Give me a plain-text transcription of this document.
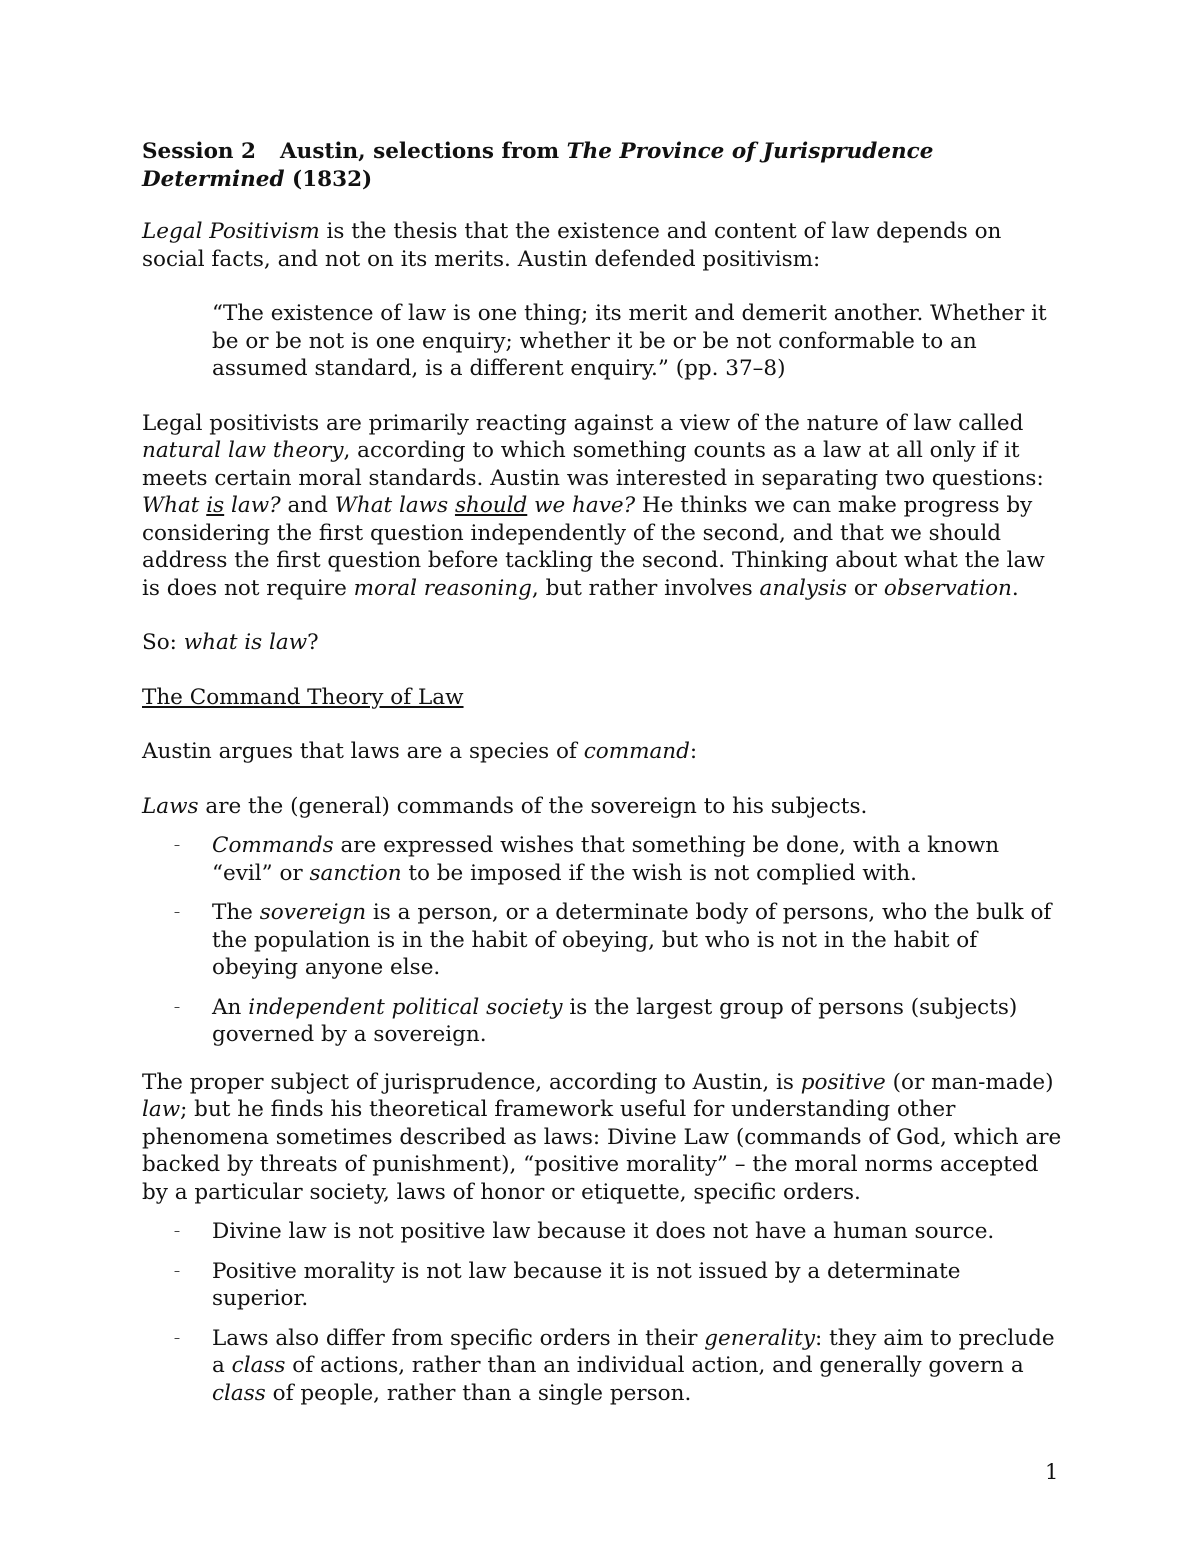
Session 2 Austin, selections from The Province of Jurisprudence Determined (1832)

Legal Positivism is the thesis that the existence and content of law depends on social facts, and not on its merits. Austin defended positivism:

“The existence of law is one thing; its merit and demerit another. Whether it be or be not is one enquiry; whether it be or be not conformable to an assumed standard, is a different enquiry.” (pp. 37–8)

Legal positivists are primarily reacting against a view of the nature of law called natural law theory, according to which something counts as a law at all only if it meets certain moral standards. Austin was interested in separating two questions: What is law? and What laws should we have? He thinks we can make progress by considering the first question independently of the second, and that we should address the first question before tackling the second. Thinking about what the law is does not require moral reasoning, but rather involves analysis or observation.

So: what is law?

The Command Theory of Law

Austin argues that laws are a species of command:

Laws are the (general) commands of the sovereign to his subjects.

– Commands are expressed wishes that something be done, with a known “evil” or sanction to be imposed if the wish is not complied with.
– The sovereign is a person, or a determinate body of persons, who the bulk of the population is in the habit of obeying, but who is not in the habit of obeying anyone else.
– An independent political society is the largest group of persons (subjects) governed by a sovereign.

The proper subject of jurisprudence, according to Austin, is positive (or man-made) law; but he finds his theoretical framework useful for understanding other phenomena sometimes described as laws: Divine Law (commands of God, which are backed by threats of punishment), “positive morality” – the moral norms accepted by a particular society, laws of honor or etiquette, specific orders.

– Divine law is not positive law because it does not have a human source.
– Positive morality is not law because it is not issued by a determinate superior.
– Laws also differ from specific orders in their generality: they aim to preclude a class of actions, rather than an individual action, and generally govern a class of people, rather than a single person.
1
